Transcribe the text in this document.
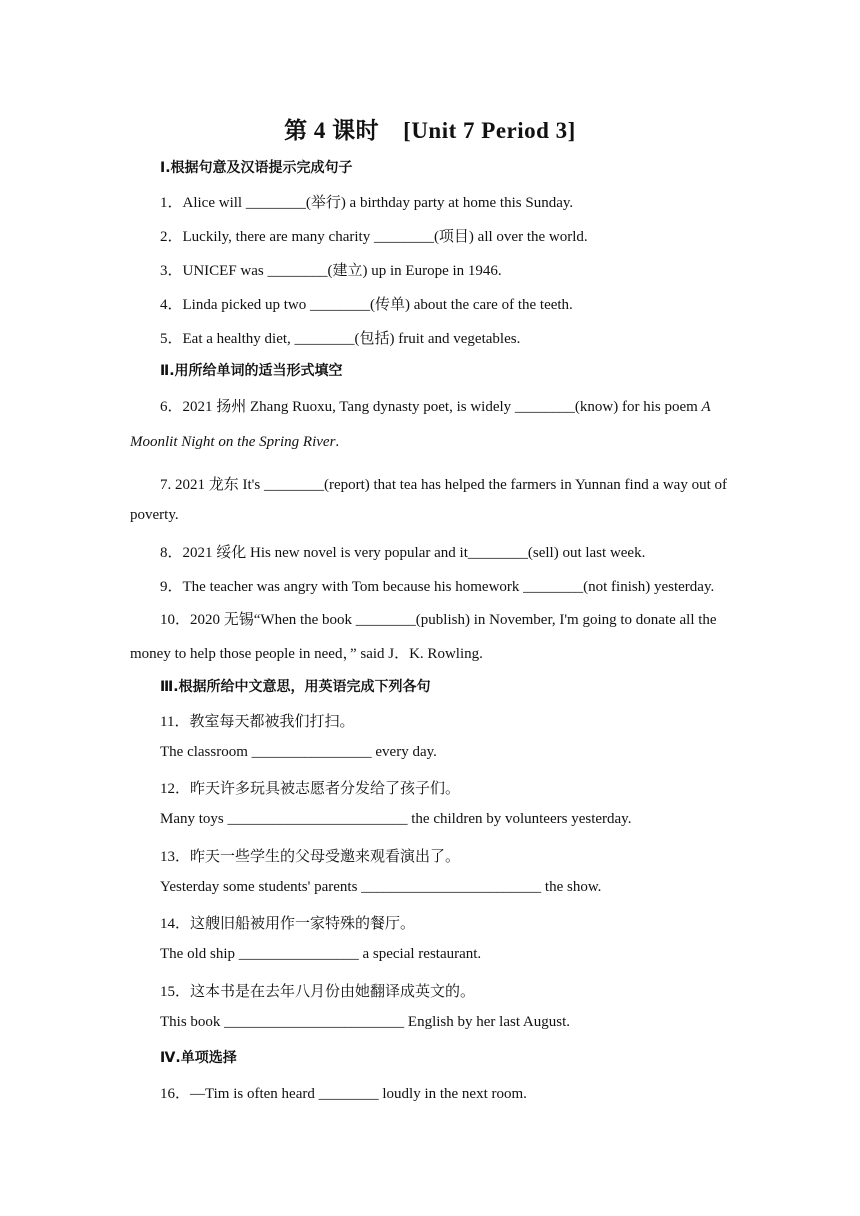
第 4 课时 [Unit 7 Period 3]
Ⅰ.根据句意及汉语提示完成句子
1．Alice will ________(举行) a birthday party at home this Sunday.
2．Luckily, there are many charity ________(项目) all over the world.
3．UNICEF was ________(建立) up in Europe in 1946.
4．Linda picked up two ________(传单) about the care of the teeth.
5．Eat a healthy diet, ________(包括) fruit and vegetables.
Ⅱ.用所给单词的适当形式填空
6．2021 扬州 Zhang Ruoxu, Tang dynasty poet, is widely ________(know) for his poem A
Moonlit Night on the Spring River.
7. 2021 龙东 It's ________(report) that tea has helped the farmers in Yunnan find a way out of
poverty.
8．2021 绥化 His new novel is very popular and it________(sell) out last week.
9．The teacher was angry with Tom because his homework ________(not finish) yesterday.
10．2020 无锡“When the book ________(publish) in November, I'm going to donate all the
money to help those people in need，” said J．K. Rowling.
Ⅲ.根据所给中文意思，用英语完成下列各句
11．教室每天都被我们打扫。
The classroom ________________ every day.
12．昨天许多玩具被志愿者分发给了孩子们。
Many toys ________________________ the children by volunteers yesterday.
13．昨天一些学生的父母受邀来观看演出了。
Yesterday some students' parents ________________________ the show.
14．这艘旧船被用作一家特殊的餐厅。
The old ship ________________ a special restaurant.
15．这本书是在去年八月份由她翻译成英文的。
This book ________________________ English by her last August.
Ⅳ.单项选择
16．—Tim is often heard ________ loudly in the next room.
